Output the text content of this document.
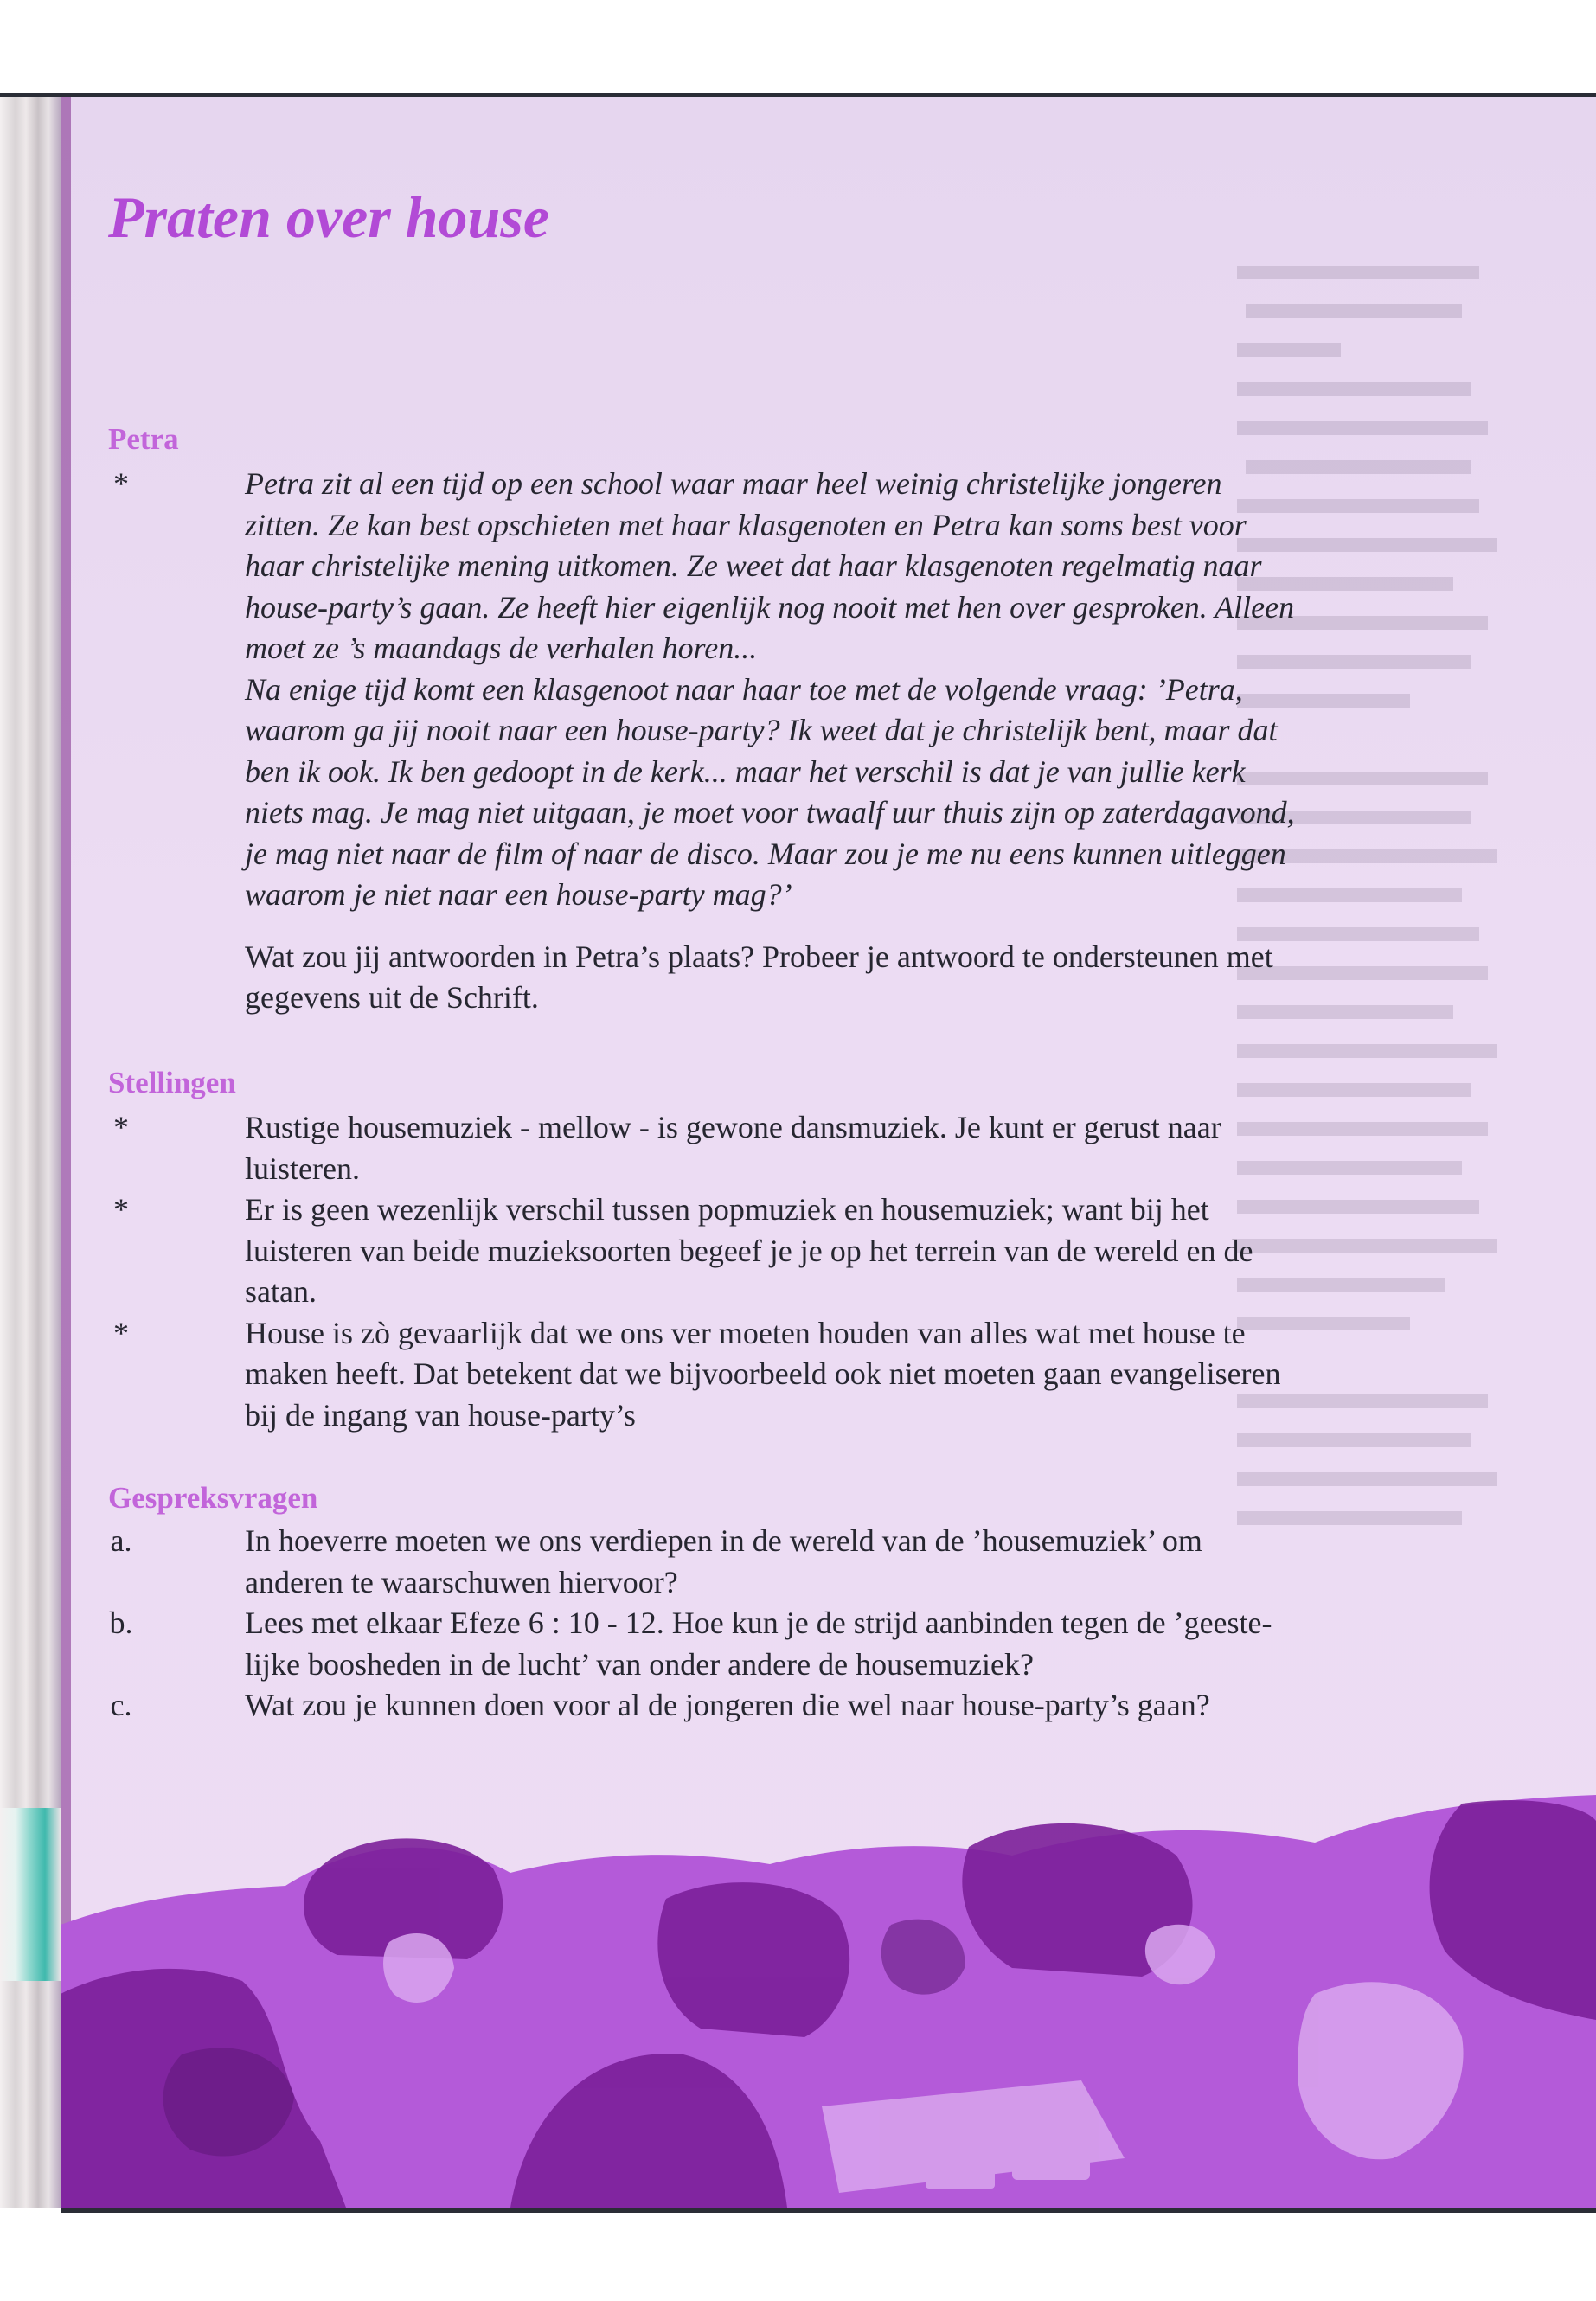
Praten over house
Petra
*	Petra zit al een tijd op een school waar maar heel weinig christelijke jongeren
zitten. Ze kan best opschieten met haar klasgenoten en Petra kan soms best voor
haar christelijke mening uitkomen. Ze weet dat haar klasgenoten regelmatig naar
house-party’s gaan. Ze heeft hier eigenlijk nog nooit met hen over gesproken. Alleen
moet ze ’s maandags de verhalen horen...
Na enige tijd komt een klasgenoot naar haar toe met de volgende vraag: ’Petra,
waarom ga jij nooit naar een house-party? Ik weet dat je christelijk bent, maar dat
ben ik ook. Ik ben gedoopt in de kerk... maar het verschil is dat je van jullie kerk
niets mag. Je mag niet uitgaan, je moet voor twaalf uur thuis zijn op zaterdagavond,
je mag niet naar de film of naar de disco. Maar zou je me nu eens kunnen uitleggen
waarom je niet naar een house-party mag?’
Wat zou jij antwoorden in Petra’s plaats? Probeer je antwoord te ondersteunen met
gegevens uit de Schrift.
Stellingen
*	Rustige housemuziek - mellow - is gewone dansmuziek. Je kunt er gerust naar
luisteren.
*	Er is geen wezenlijk verschil tussen popmuziek en housemuziek; want bij het
luisteren van beide muzieksoorten begeef je je op het terrein van de wereld en de
satan.
*	House is zò gevaarlijk dat we ons ver moeten houden van alles wat met house te
maken heeft. Dat betekent dat we bijvoorbeeld ook niet moeten gaan evangeliseren
bij de ingang van house-party’s
Gespreksvragen
a.	In hoeverre moeten we ons verdiepen in de wereld van de ’housemuziek’ om
anderen te waarschuwen hiervoor?
b.	Lees met elkaar Efeze 6 : 10 - 12. Hoe kun je de strijd aanbinden tegen de ’geeste-
lijke boosheden in de lucht’ van onder andere de housemuziek?
c.	Wat zou je kunnen doen voor al de jongeren die wel naar house-party’s gaan?
